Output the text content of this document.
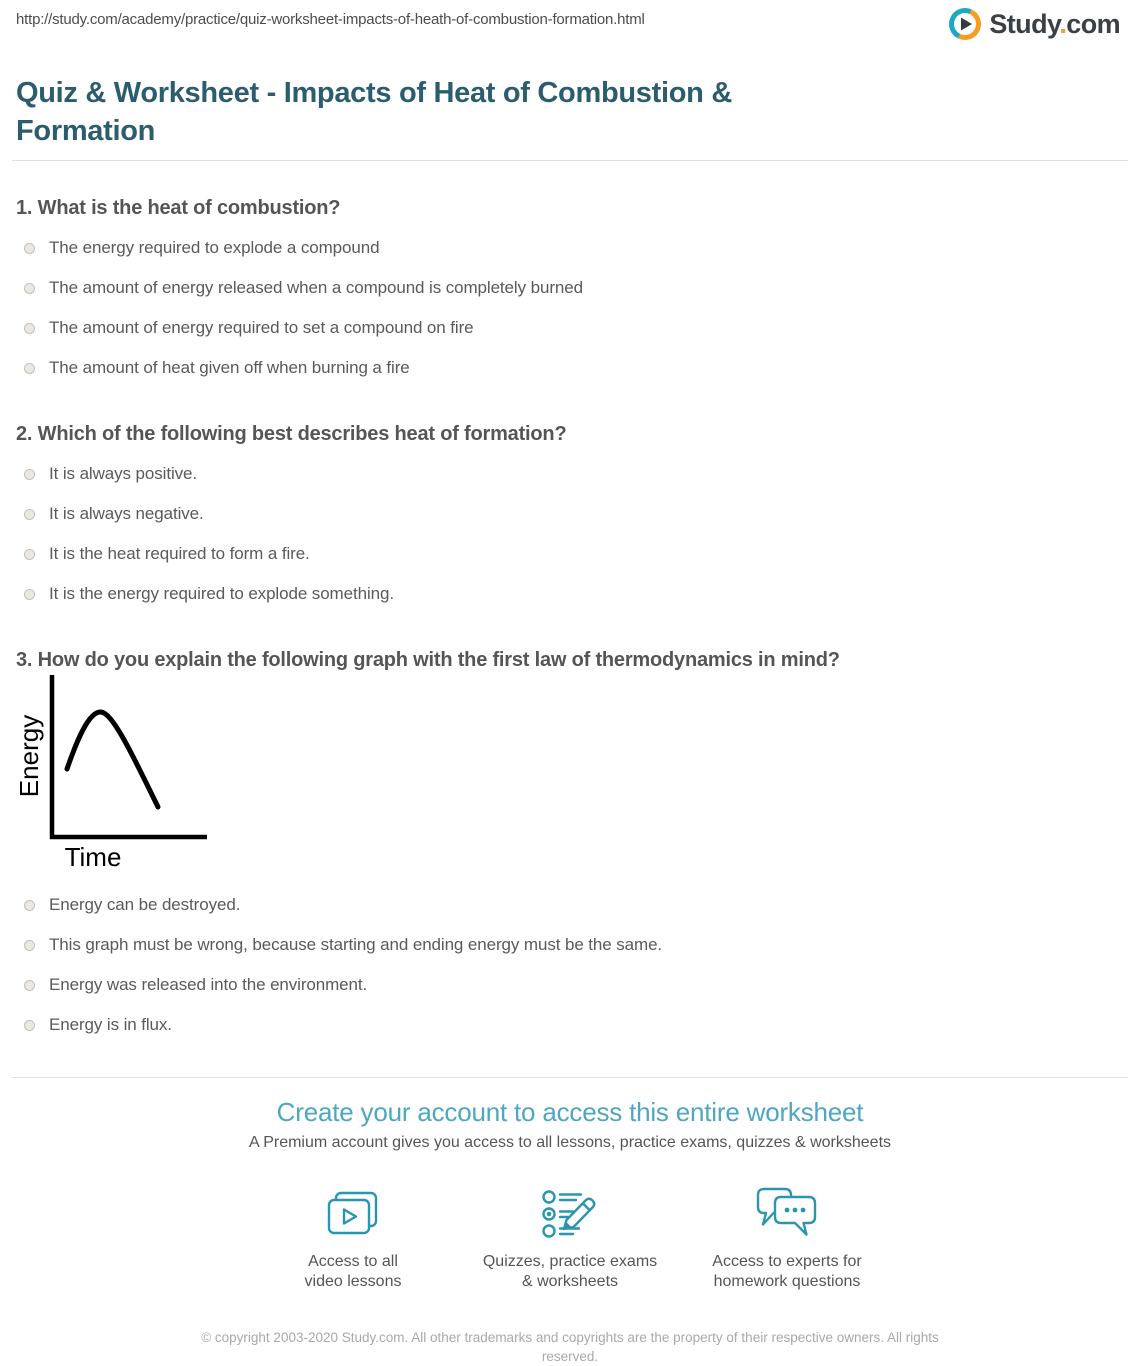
http://study.com/academy/practice/quiz-worksheet-impacts-of-heath-of-combustion-formation.html	Study.com
Quiz & Worksheet - Impacts of Heat of Combustion & Formation
1. What is the heat of combustion?
The energy required to explode a compound
The amount of energy released when a compound is completely burned
The amount of energy required to set a compound on fire
The amount of heat given off when burning a fire
2. Which of the following best describes heat of formation?
It is always positive.
It is always negative.
It is the heat required to form a fire.
It is the energy required to explode something.
3. How do you explain the following graph with the first law of thermodynamics in mind?
Energy
Time
Energy can be destroyed.
This graph must be wrong, because starting and ending energy must be the same.
Energy was released into the environment.
Energy is in flux.
Create your account to access this entire worksheet
A Premium account gives you access to all lessons, practice exams, quizzes & worksheets
Access to all
video lessons
Quizzes, practice exams
& worksheets
Access to experts for
homework questions
© copyright 2003-2020 Study.com. All other trademarks and copyrights are the property of their respective owners. All rights reserved.
